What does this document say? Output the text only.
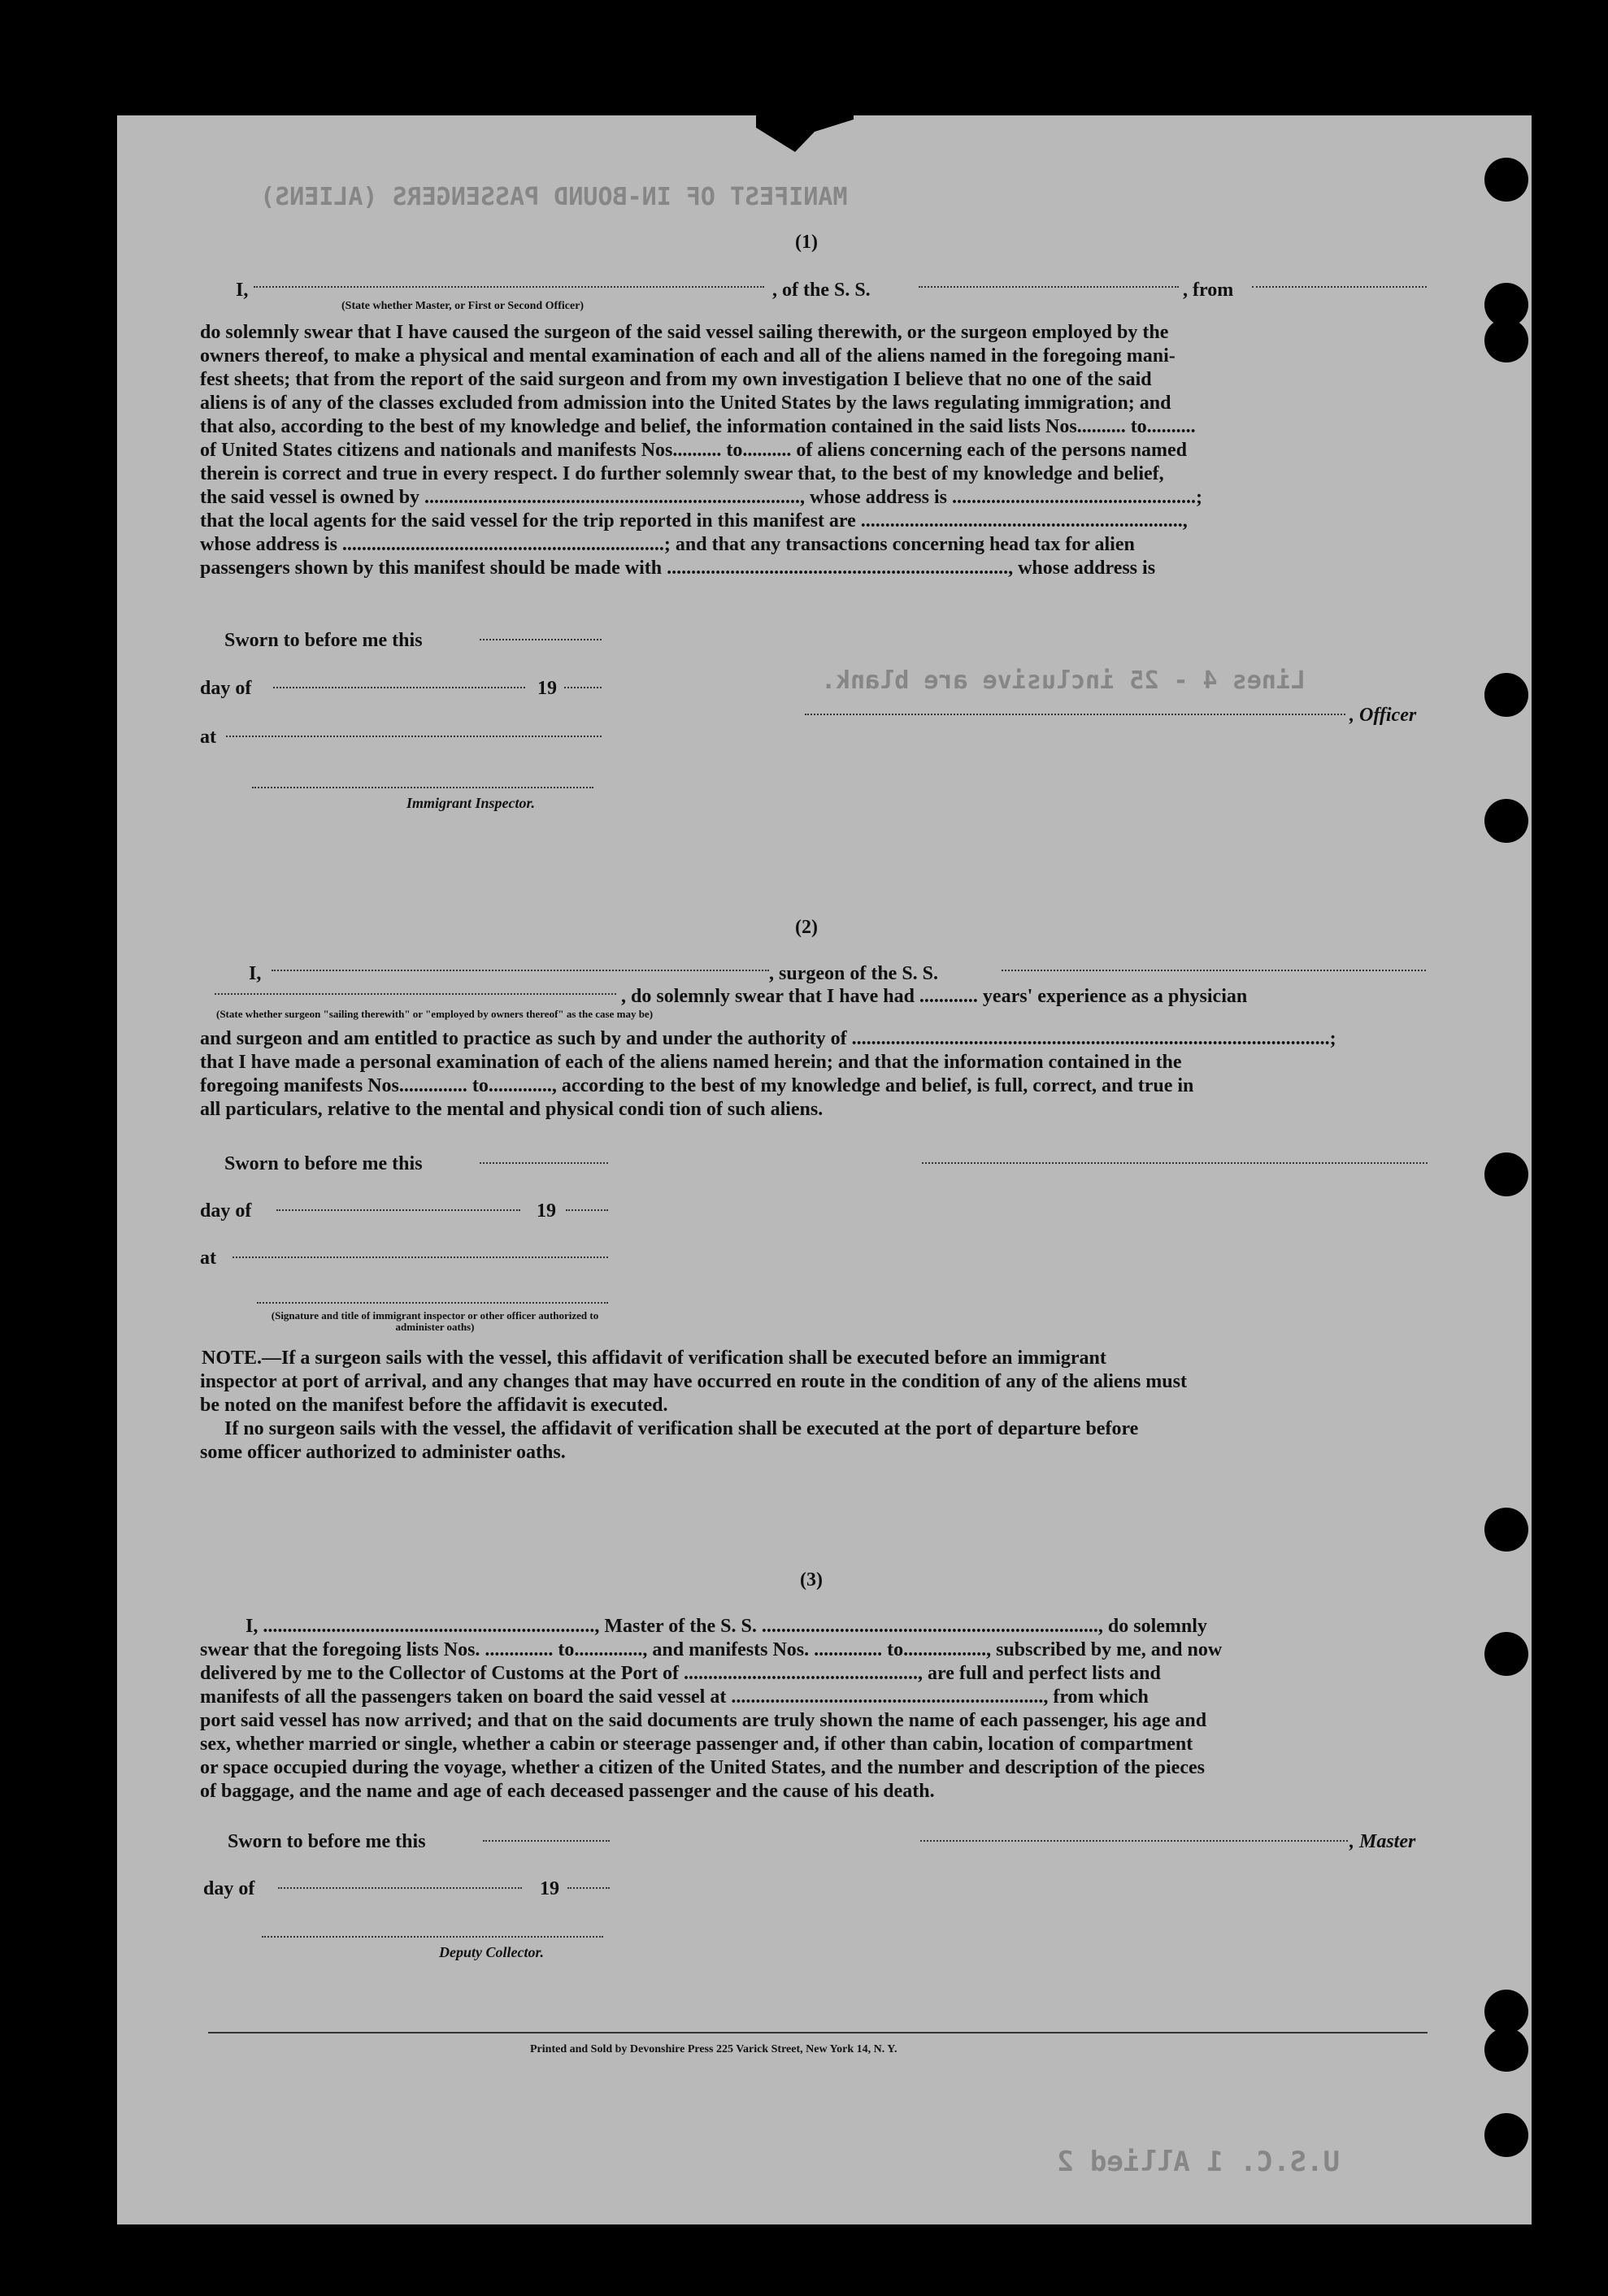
MANIFEST OF IN-BOUND PASSENGERS (ALIENS)
Lines 4 - 25 inclusive are blank.
U.S.C. 1 Allied 2
(1)
I,	, of the S. S.	, from
(State whether Master, or First or Second Officer)
do solemnly swear that I have caused the surgeon of the said vessel sailing therewith, or the surgeon employed by the
owners thereof, to make a physical and mental examination of each and all of the aliens named in the foregoing mani-
fest sheets; that from the report of the said surgeon and from my own investigation I believe that no one of the said
aliens is of any of the classes excluded from admission into the United States by the laws regulating immigration; and
that also, according to the best of my knowledge and belief, the information contained in the said lists Nos.......... to..........
of United States citizens and nationals and manifests Nos.......... to.......... of aliens concerning each of the persons named
therein is correct and true in every respect. I do further solemnly swear that, to the best of my knowledge and belief,
the said vessel is owned by ............................................................................., whose address is ..................................................;
that the local agents for the said vessel for the trip reported in this manifest are ..................................................................,
whose address is ..................................................................; and that any transactions concerning head tax for alien
passengers shown by this manifest should be made with ......................................................................, whose address is
Sworn to before me this
day of	19
at
, Officer
Immigrant Inspector.
(2)
I,	, surgeon of the S. S.
, do solemnly swear that I have had ............ years' experience as a physician
(State whether surgeon "sailing therewith" or "employed by owners thereof" as the case may be)
and surgeon and am entitled to practice as such by and under the authority of ..................................................................................................;
that I have made a personal examination of each of the aliens named herein; and that the information contained in the
foregoing manifests Nos.............. to............., according to the best of my knowledge and belief, is full, correct, and true in
all particulars, relative to the mental and physical condi tion of such aliens.
Sworn to before me this
day of	19
at
(Signature and title of immigrant inspector or other officer authorized to administer oaths)
NOTE.—If a surgeon sails with the vessel, this affidavit of verification shall be executed before an immigrant
inspector at port of arrival, and any changes that may have occurred en route in the condition of any of the aliens must
be noted on the manifest before the affidavit is executed.
If no surgeon sails with the vessel, the affidavit of verification shall be executed at the port of departure before
some officer authorized to administer oaths.
(3)
I, ...................................................................., Master of the S. S. ....................................................................., do solemnly
swear that the foregoing lists Nos. .............. to.............., and manifests Nos. .............. to................., subscribed by me, and now
delivered by me to the Collector of Customs at the Port of ................................................, are full and perfect lists and
manifests of all the passengers taken on board the said vessel at ................................................................, from which
port said vessel has now arrived; and that on the said documents are truly shown the name of each passenger, his age and
sex, whether married or single, whether a cabin or steerage passenger and, if other than cabin, location of compartment
or space occupied during the voyage, whether a citizen of the United States, and the number and description of the pieces
of baggage, and the name and age of each deceased passenger and the cause of his death.
Sworn to before me this	, Master
day of	19
Deputy Collector.
Printed and Sold by Devonshire Press 225 Varick Street, New York 14, N. Y.
